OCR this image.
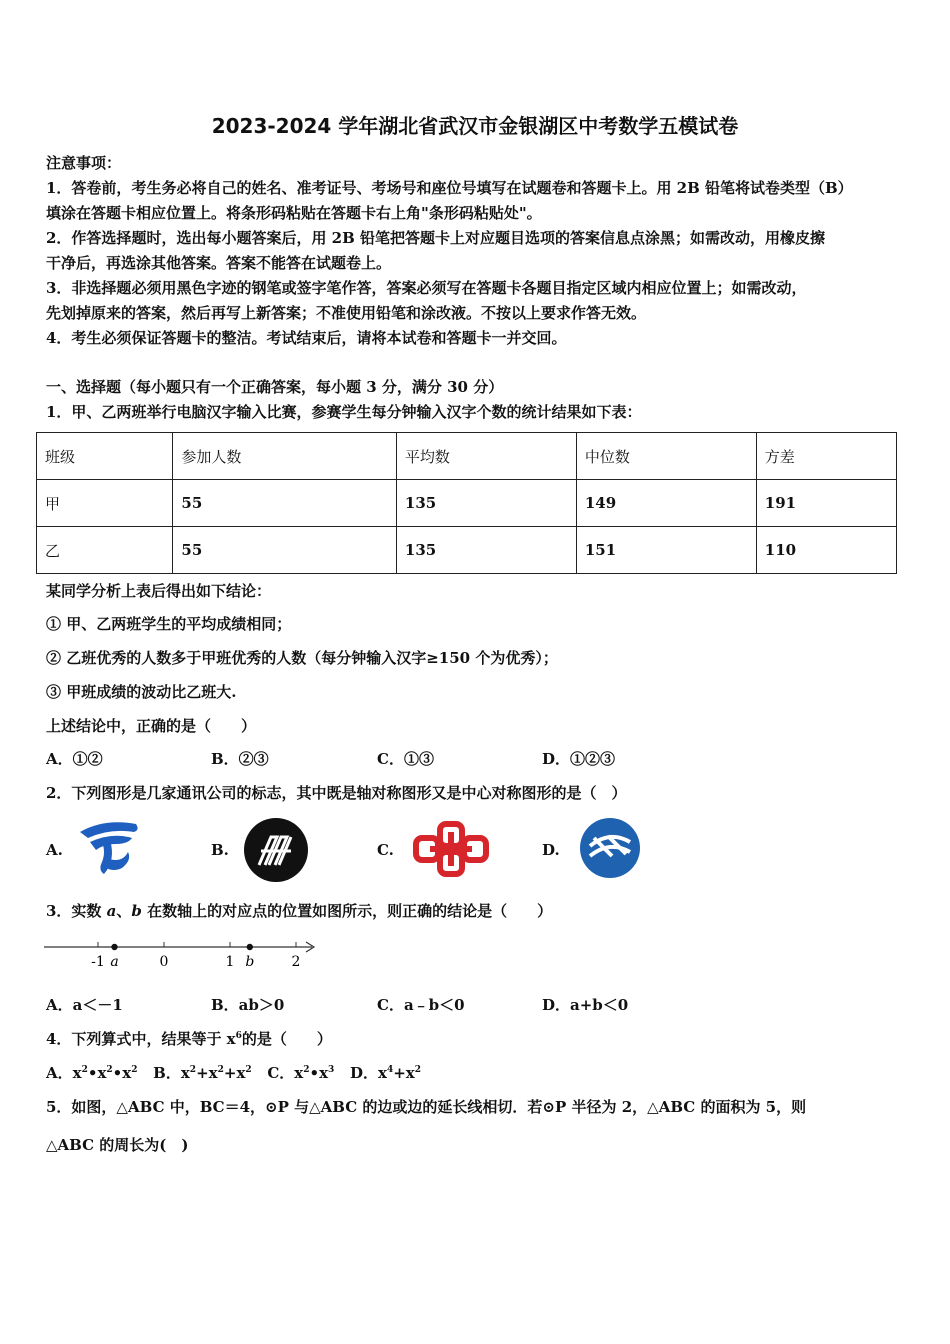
2023-2024 学年湖北省武汉市金银湖区中考数学五模试卷
注意事项：
1．答卷前，考生务必将自己的姓名、准考证号、考场号和座位号填写在试题卷和答题卡上。用 2B 铅笔将试卷类型（B）
填涂在答题卡相应位置上。将条形码粘贴在答题卡右上角"条形码粘贴处"。
2．作答选择题时，选出每小题答案后，用 2B 铅笔把答题卡上对应题目选项的答案信息点涂黑；如需改动，用橡皮擦
干净后，再选涂其他答案。答案不能答在试题卷上。
3．非选择题必须用黑色字迹的钢笔或签字笔作答，答案必须写在答题卡各题目指定区域内相应位置上；如需改动，
先划掉原来的答案，然后再写上新答案；不准使用铅笔和涂改液。不按以上要求作答无效。
4．考生必须保证答题卡的整洁。考试结束后，请将本试卷和答题卡一并交回。
一、选择题（每小题只有一个正确答案，每小题 3 分，满分 30 分）
1．甲、乙两班举行电脑汉字输入比赛，参赛学生每分钟输入汉字个数的统计结果如下表：
班级	参加人数	平均数	中位数	方差
甲	55	135	149	191
乙	55	135	151	110
某同学分析上表后得出如下结论：
① 甲、乙两班学生的平均成绩相同；
② 乙班优秀的人数多于甲班优秀的人数（每分钟输入汉字≥150 个为优秀）；
③ 甲班成绩的波动比乙班大.
上述结论中，正确的是（　　）
A．①②	B．②③	C．①③	D．①②③
2．下列图形是几家通讯公司的标志，其中既是轴对称图形又是中心对称图形的是（　）
A.	B.	C.	D.
3．实数 a、b 在数轴上的对应点的位置如图所示，则正确的结论是（　　）
-1	0	1	2
a	b
A．a＜－1	B．ab＞0	C．a﹣b＜0	D．a+b＜0
4．下列算式中，结果等于 $x^6$的是（　　）
A．$x^2•x^2•x^2$ B．$x^2+x^2+x^2$ C．$x^2•x^3$ D．$x^4+x^2$
5．如图，△ABC 中，BC＝4，⊙P 与△ABC 的边或边的延长线相切．若⊙P 半径为 2，△ABC 的面积为 5，则
△ABC 的周长为(　)
